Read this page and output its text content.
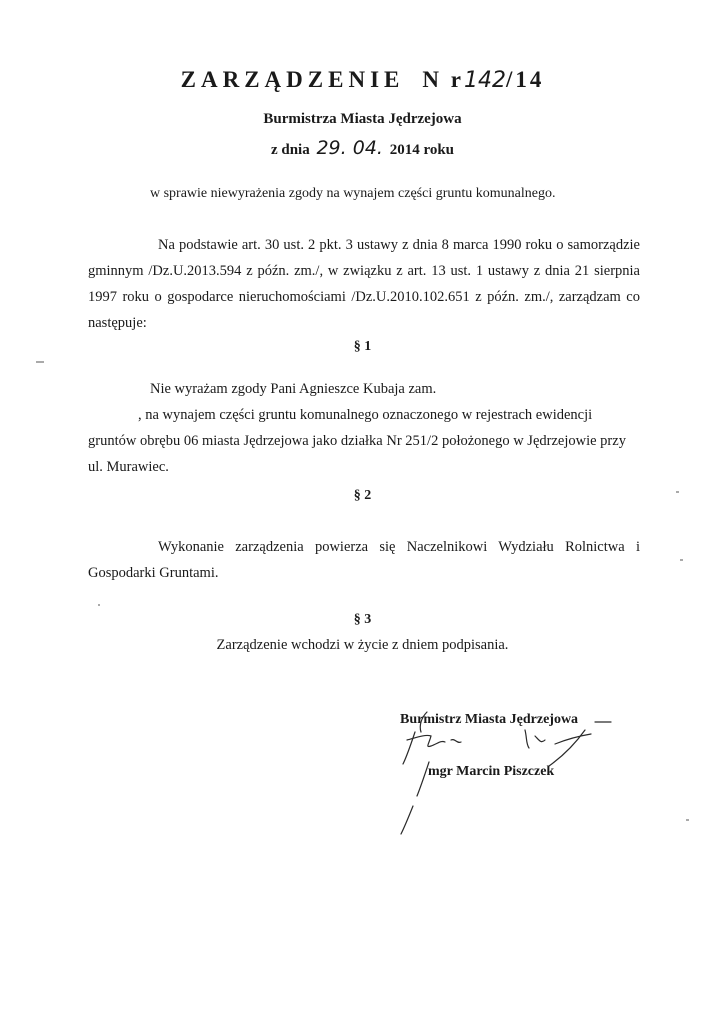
ZARZĄDZENIE N r142/14
Burmistrza Miasta Jędrzejowa
z dnia 29. 04. 2014 roku
w sprawie niewyrażenia zgody na wynajem części gruntu komunalnego.
Na podstawie art. 30 ust. 2 pkt. 3 ustawy z dnia 8 marca 1990 roku o samorządzie gminnym /Dz.U.2013.594 z późn. zm./, w związku z art. 13 ust. 1 ustawy z dnia 21 sierpnia 1997 roku o gospodarce nieruchomościami /Dz.U.2010.102.651 z późn. zm./, zarządzam co następuje:
§ 1
Nie wyrażam zgody Pani Agnieszce Kubaja zam.
, na wynajem części gruntu komunalnego oznaczonego w rejestrach ewidencji
gruntów obrębu 06 miasta Jędrzejowa jako działka Nr 251/2 położonego w Jędrzejowie przy
ul. Murawiec.
§ 2
Wykonanie zarządzenia powierza się Naczelnikowi Wydziału Rolnictwa i Gospodarki Gruntami.
§ 3
Zarządzenie wchodzi w życie z dniem podpisania.
Burmistrz Miasta Jędrzejowa
mgr Marcin Piszczek
